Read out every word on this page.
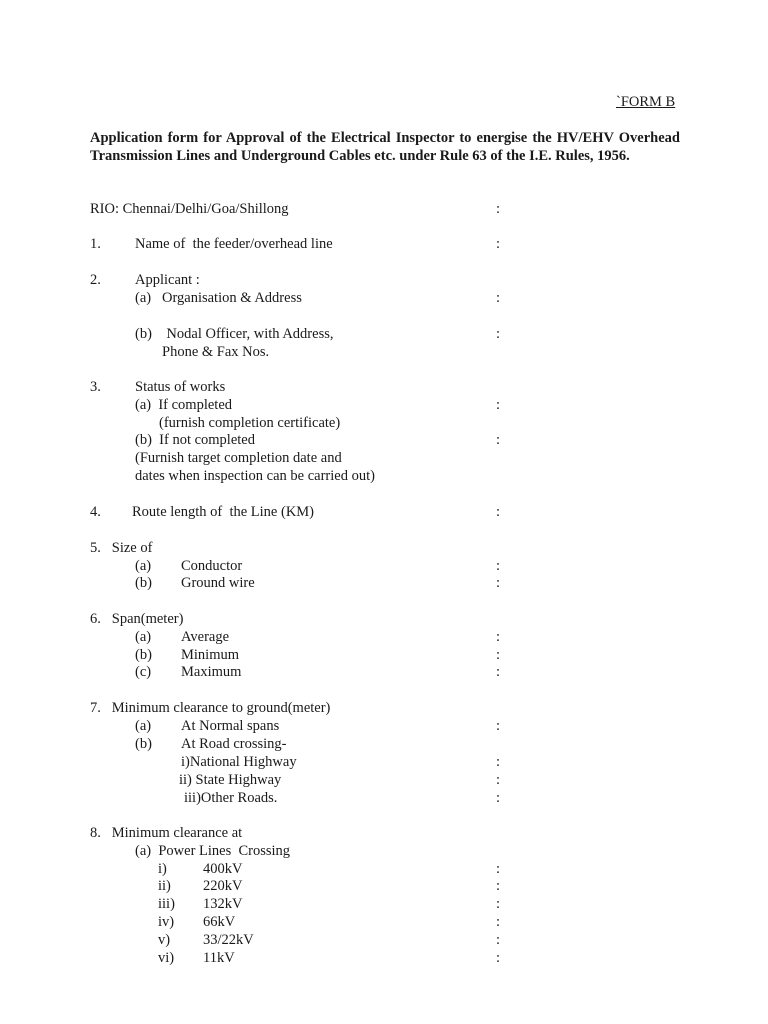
`FORM B
Application form for Approval of the Electrical Inspector to energise the HV/EHV Overhead Transmission Lines and Underground Cables etc. under Rule 63 of the I.E. Rules, 1956.
RIO: Chennai/Delhi/Goa/Shillong	:
1. Name of  the feeder/overhead line	:
2. Applicant :
(a)   Organisation & Address	:
(b)    Nodal Officer, with Address,	:
Phone & Fax Nos.
3. Status of works
(a)  If completed	:
(furnish completion certificate)
(b)  If not completed	:
(Furnish target completion date and
dates when inspection can be carried out)
4. Route length of  the Line (KM)	:
5.   Size of
(a) Conductor	:
(b) Ground wire	:
6.   Span(meter)
(a) Average	:
(b) Minimum	:
(c) Maximum	:
7.   Minimum clearance to ground(meter)
(a) At Normal spans	:
(b) At Road crossing-
i)National Highway	:
ii) State Highway	:
iii)Other Roads.	:
8.   Minimum clearance at
(a)  Power Lines  Crossing
i) 400kV	:
ii) 220kV	:
iii) 132kV	:
iv) 66kV	:
v) 33/22kV	:
vi) 11kV	:
